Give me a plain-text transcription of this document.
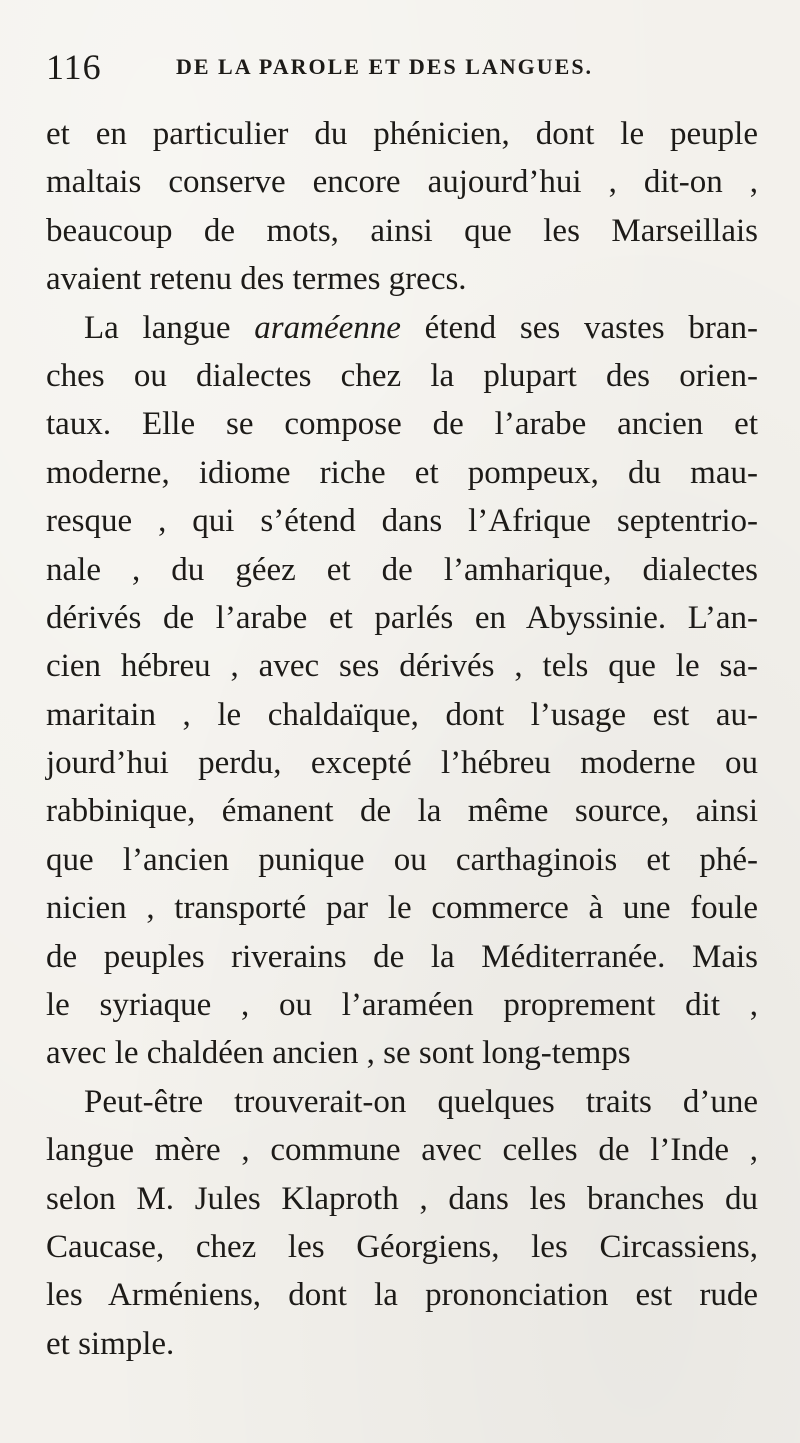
116	DE LA PAROLE ET DES LANGUES.
et en particulier du phénicien, dont le peuple
maltais conserve encore aujourd’hui , dit-on ,
beaucoup de mots, ainsi que les Marseillais
avaient retenu des termes grecs.
La langue araméenne étend ses vastes bran-
ches ou dialectes chez la plupart des orien-
taux. Elle se compose de l’arabe ancien et
moderne, idiome riche et pompeux, du mau-
resque , qui s’étend dans l’Afrique septentrio-
nale , du géez et de l’amharique, dialectes
dérivés de l’arabe et parlés en Abyssinie. L’an-
cien hébreu , avec ses dérivés , tels que le sa-
maritain , le chaldaïque, dont l’usage est au-
jourd’hui perdu, excepté l’hébreu moderne ou
rabbinique, émanent de la même source, ainsi
que l’ancien punique ou carthaginois et phé-
nicien , transporté par le commerce à une foule
de peuples riverains de la Méditerranée. Mais
le syriaque , ou l’araméen proprement dit ,
avec le chaldéen ancien , se sont long-temps
Peut-être trouverait-on quelques traits d’une
langue mère , commune avec celles de l’Inde ,
selon M. Jules Klaproth , dans les branches du
Caucase, chez les Géorgiens, les Circassiens,
les Arméniens, dont la prononciation est rude
et simple.
